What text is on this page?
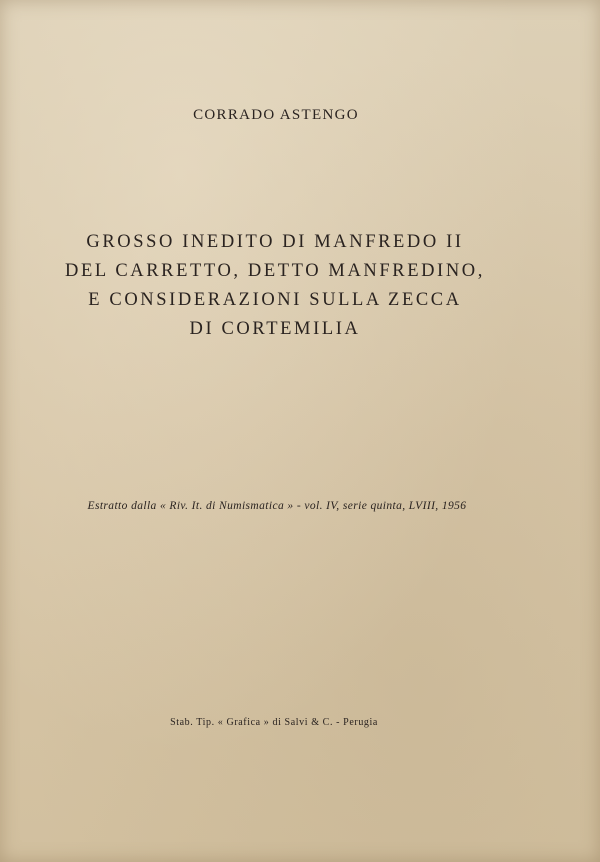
CORRADO ASTENGO
GROSSO INEDITO DI MANFREDO II
DEL CARRETTO, DETTO MANFREDINO,
E CONSIDERAZIONI SULLA ZECCA
DI CORTEMILIA
Estratto dalla « Riv. It. di Numismatica » - vol. IV, serie quinta, LVIII, 1956
Stab. Tip. « Grafica » di Salvi & C. - Perugia
